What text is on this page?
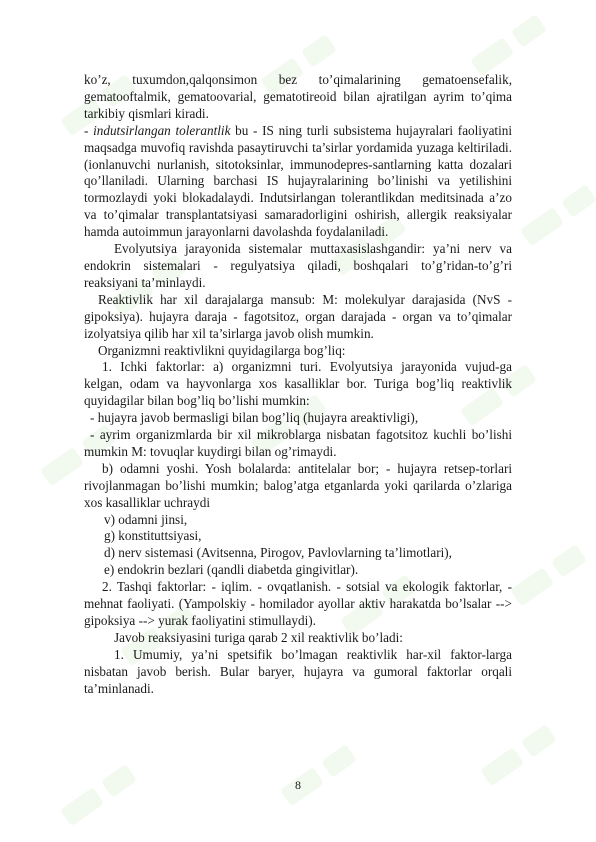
ko’z, tuxumdon,qalqonsimon bez to’qimalarining gematoensefalik, gematooftalmik, gematoovarial, gematotireoid bilan ajratilgan ayrim to’qima tarkibiy qismlari kiradi.

- indutsirlangan tolerantlik bu - IS ning turli subsistema hujayralari faoliyatini maqsadga muvofiq ravishda pasaytiruvchi ta’sirlar yordamida yuzaga keltiriladi.(ionlanuvchi nurlanish, sitotoksinlar, immunodepres-santlarning katta dozalari qo’llaniladi. Ularning barchasi IS hujayralarining bo’linishi va yetilishini tormozlaydi yoki blokadalaydi. Indutsirlangan tolerantlikdan meditsinada a’zo va to’qimalar transplantatsiyasi samaradorligini oshirish, allergik reaksiyalar hamda autoimmun jarayonlarni davolashda foydalaniladi.

Evolyutsiya jarayonida sistemalar muttaxasislashgandir: ya’ni nerv va endokrin sistemalari - regulyatsiya qiladi, boshqalari to’g’ridan-to’g’ri reaksiyani ta’minlaydi.

Reaktivlik har xil darajalarga mansub: M: molekulyar darajasida (NvS - gipoksiya). hujayra daraja - fagotsitoz, organ darajada - organ va to’qimalar izolyatsiya qilib har xil ta’sirlarga javob olish mumkin.

Organizmni reaktivlikni quyidagilarga bog’liq:

1. Ichki faktorlar: a) organizmni turi. Evolyutsiya jarayonida vujud-ga kelgan, odam va hayvonlarga xos kasalliklar bor. Turiga bog’liq reaktivlik quyidagilar bilan bog’liq bo’lishi mumkin:

- hujayra javob bermasligi bilan bog’liq (hujayra areaktivligi),

- ayrim organizmlarda bir xil mikroblarga nisbatan fagotsitoz kuchli bo’lishi mumkin M: tovuqlar kuydirgi bilan og’rimaydi.

b) odamni yoshi. Yosh bolalarda: antitelalar bor; - hujayra retsep-torlari rivojlanmagan bo’lishi mumkin; balog’atga etganlarda yoki qarilarda o’zlariga xos kasalliklar uchraydi

v) odamni jinsi,

g) konstituttsiyasi,

d) nerv sistemasi (Avitsenna, Pirogov, Pavlovlarning ta’limotlari),

e) endokrin bezlari (qandli diabetda gingivitlar).

2. Tashqi faktorlar: - iqlim. - ovqatlanish. - sotsial va ekologik faktorlar, - mehnat faoliyati. (Yampolskiy - homilador ayollar aktiv harakatda bo’lsalar --> gipoksiya --> yurak faoliyatini stimullaydi).

Javob reaksiyasini turiga qarab 2 xil reaktivlik bo’ladi:

1. Umumiy, ya’ni spetsifik bo’lmagan reaktivlik har-xil faktor-larga nisbatan javob berish. Bular baryer, hujayra va gumoral faktorlar orqali ta’minlanadi.

8
